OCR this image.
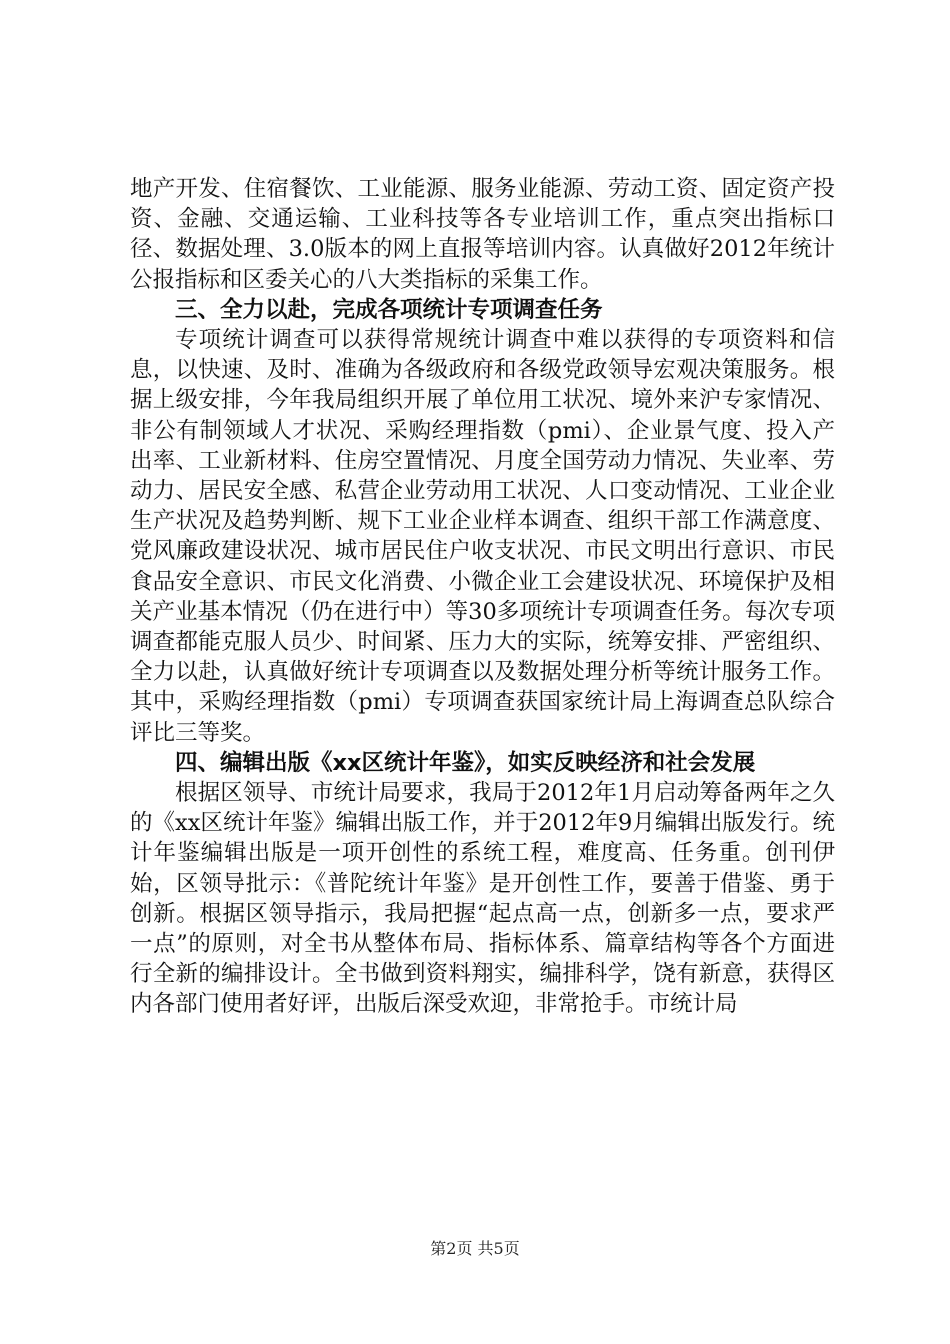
地产开发、住宿餐饮、工业能源、服务业能源、劳动工资、固定资产投资、金融、交通运输、工业科技等各专业培训工作，重点突出指标口径、数据处理、3.0版本的网上直报等培训内容。认真做好2012年统计公报指标和区委关心的八大类指标的采集工作。

三、全力以赴，完成各项统计专项调查任务

专项统计调查可以获得常规统计调查中难以获得的专项资料和信息，以快速、及时、准确为各级政府和各级党政领导宏观决策服务。根据上级安排，今年我局组织开展了单位用工状况、境外来沪专家情况、非公有制领域人才状况、采购经理指数（pmi）、企业景气度、投入产出率、工业新材料、住房空置情况、月度全国劳动力情况、失业率、劳动力、居民安全感、私营企业劳动用工状况、人口变动情况、工业企业生产状况及趋势判断、规下工业企业样本调查、组织干部工作满意度、党风廉政建设状况、城市居民住户收支状况、市民文明出行意识、市民食品安全意识、市民文化消费、小微企业工会建设状况、环境保护及相关产业基本情况（仍在进行中）等30多项统计专项调查任务。每次专项调查都能克服人员少、时间紧、压力大的实际，统筹安排、严密组织、全力以赴，认真做好统计专项调查以及数据处理分析等统计服务工作。其中，采购经理指数（pmi）专项调查获国家统计局上海调查总队综合评比三等奖。

四、编辑出版《xx区统计年鉴》，如实反映经济和社会发展

根据区领导、市统计局要求，我局于2012年1月启动筹备两年之久的《xx区统计年鉴》编辑出版工作，并于2012年9月编辑出版发行。统计年鉴编辑出版是一项开创性的系统工程，难度高、任务重。创刊伊始，区领导批示：《普陀统计年鉴》是开创性工作，要善于借鉴、勇于创新。根据区领导指示，我局把握“起点高一点，创新多一点，要求严一点”的原则，对全书从整体布局、指标体系、篇章结构等各个方面进行全新的编排设计。全书做到资料翔实，编排科学，饶有新意，获得区内各部门使用者好评，出版后深受欢迎，非常抢手。市统计局

第2页 共5页
